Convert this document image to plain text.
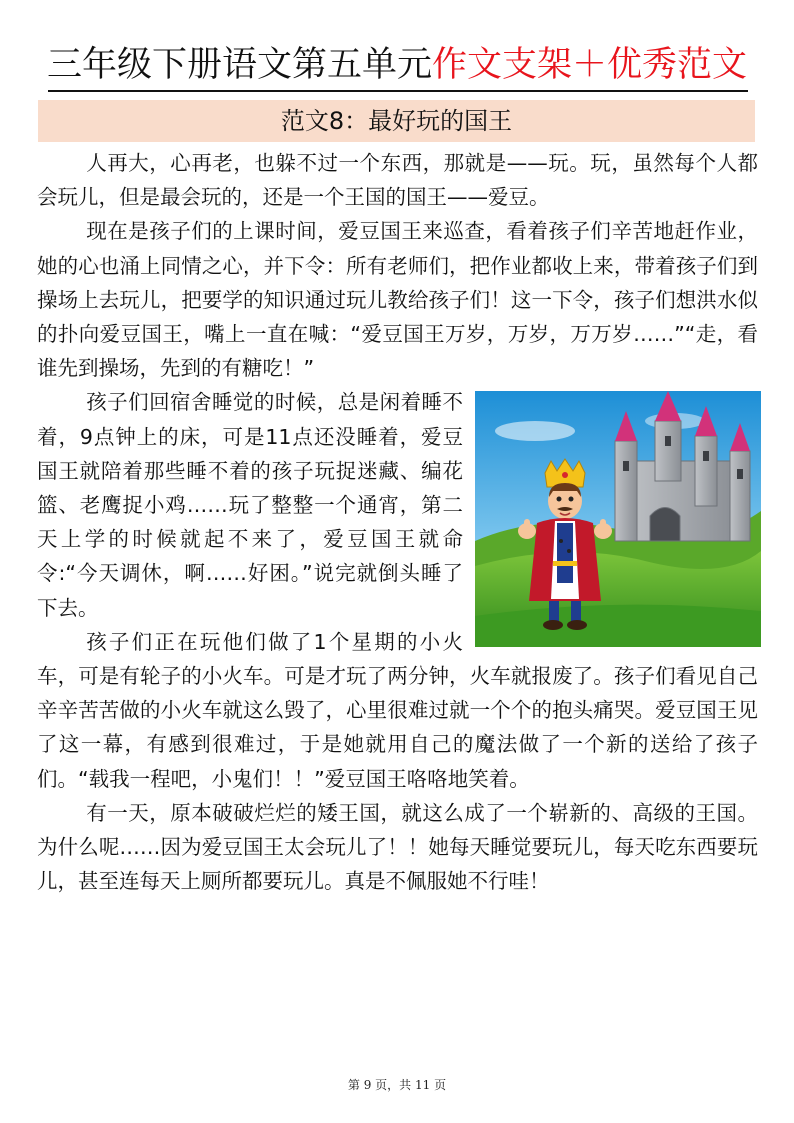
三年级下册语文第五单元作文支架＋优秀范文
范文8：最好玩的国王

人再大，心再老，也躲不过一个东西，那就是——玩。玩，虽然每个人都会玩儿，但是最会玩的，还是一个王国的国王——爱豆。

现在是孩子们的上课时间，爱豆国王来巡查，看着孩子们辛苦地赶作业，她的心也涌上同情之心，并下令：所有老师们，把作业都收上来，带着孩子们到操场上去玩儿，把要学的知识通过玩儿教给孩子们！这一下令，孩子们想洪水似的扑向爱豆国王，嘴上一直在喊：“爱豆国王万岁，万岁，万万岁……”“走，看谁先到操场，先到的有糖吃！”

孩子们回宿舍睡觉的时候，总是闲着睡不着，9点钟上的床，可是11点还没睡着，爱豆国王就陪着那些睡不着的孩子玩捉迷藏、编花篮、老鹰捉小鸡……玩了整整一个通宵，第二天上学的时候就起不来了，爱豆国王就命令:“今天调休，啊……好困。”说完就倒头睡了下去。

孩子们正在玩他们做了1个星期的小火车，可是有轮子的小火车。可是才玩了两分钟，火车就报废了。孩子们看见自己辛辛苦苦做的小火车就这么毁了，心里很难过就一个个的抱头痛哭。爱豆国王见了这一幕，有感到很难过，于是她就用自己的魔法做了一个新的送给了孩子们。“载我一程吧，小鬼们！！”爱豆国王咯咯地笑着。

有一天，原本破破烂烂的矮王国，就这么成了一个崭新的、高级的王国。为什么呢……因为爱豆国王太会玩儿了！！她每天睡觉要玩儿，每天吃东西要玩儿，甚至连每天上厕所都要玩儿。真是不佩服她不行哇！

第 9 页，共 11 页
